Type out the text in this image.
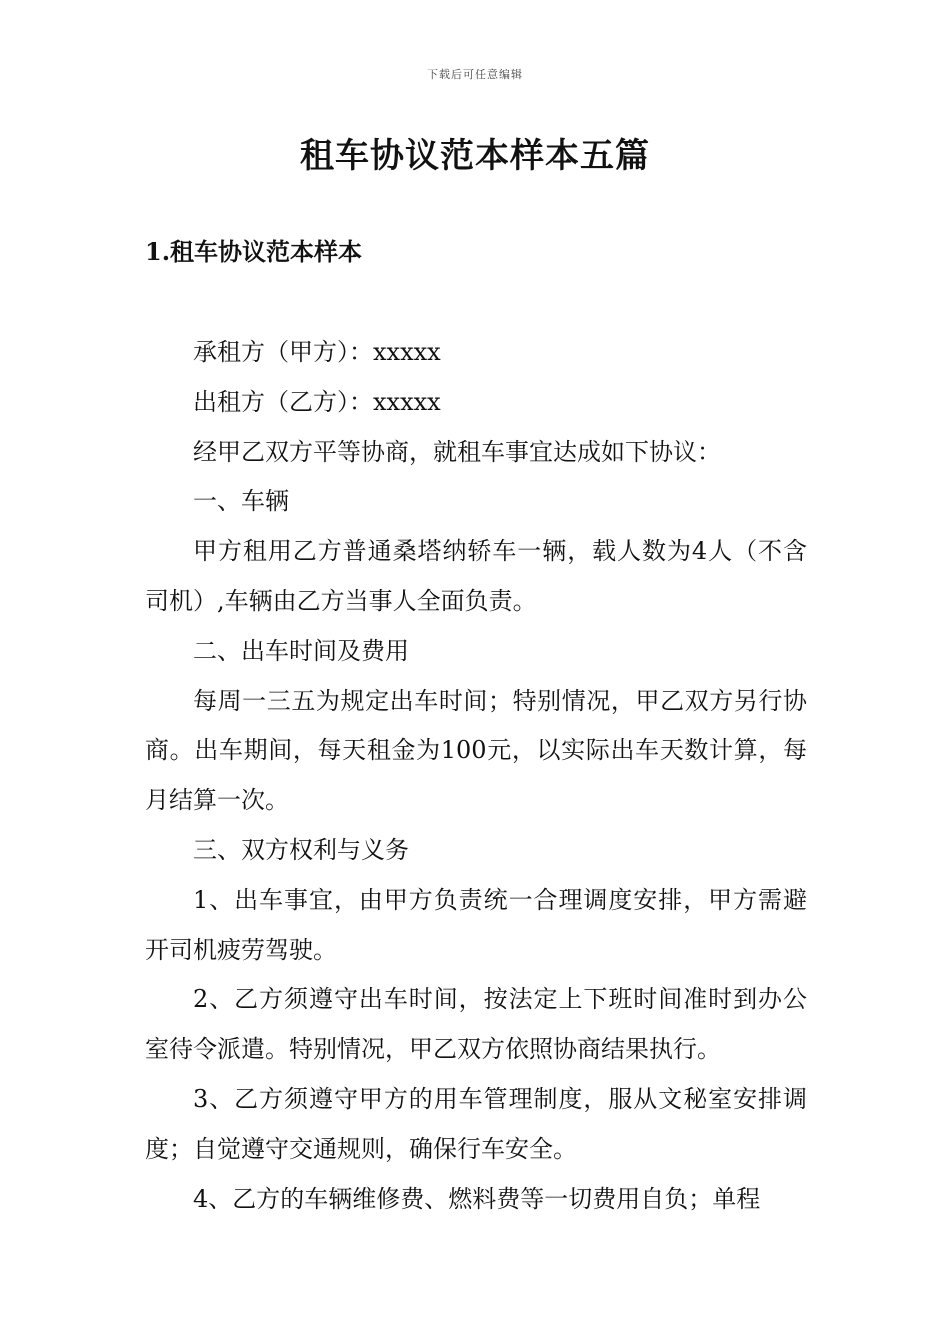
下载后可任意编辑
租车协议范本样本五篇
1.租车协议范本样本

承租方（甲方）：xxxxx

出租方（乙方）：xxxxx

经甲乙双方平等协商，就租车事宜达成如下协议：

一、车辆

甲方租用乙方普通桑塔纳轿车一辆，载人数为4人（不含司机）,车辆由乙方当事人全面负责。

二、出车时间及费用

每周一三五为规定出车时间；特别情况，甲乙双方另行协商。出车期间，每天租金为100元，以实际出车天数计算，每月结算一次。

三、双方权利与义务

1、出车事宜，由甲方负责统一合理调度安排，甲方需避开司机疲劳驾驶。

2、乙方须遵守出车时间，按法定上下班时间准时到办公室待令派遣。特别情况，甲乙双方依照协商结果执行。

3、乙方须遵守甲方的用车管理制度，服从文秘室安排调度；自觉遵守交通规则，确保行车安全。

4、乙方的车辆维修费、燃料费等一切费用自负；单程
